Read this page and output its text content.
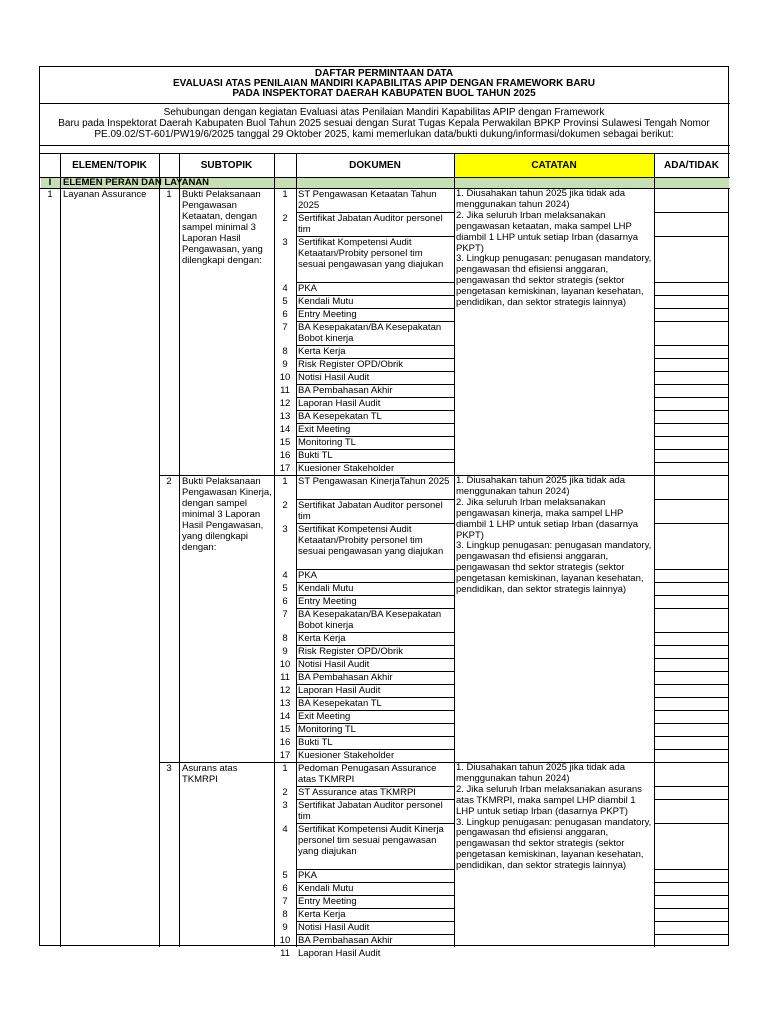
DAFTAR PERMINTAAN DATA
EVALUASI ATAS PENILAIAN MANDIRI KAPABILITAS APIP DENGAN FRAMEWORK BARU
PADA INSPEKTORAT DAERAH KABUPATEN BUOL TAHUN 2025
Sehubungan dengan kegiatan Evaluasi atas Penilaian Mandiri Kapabilitas APIP dengan Framework
Baru pada Inspektorat Daerah Kabupaten Buol Tahun 2025 sesuai dengan Surat Tugas Kepala Perwakilan BPKP Provinsi Sulawesi Tengah Nomor
PE.09.02/ST-601/PW19/6/2025 tanggal 29 Oktober 2025, kami memerlukan data/bukti dukung/informasi/dokumen sebagai berikut:
ELEMEN/TOPIK	SUBTOPIK	DOKUMEN	CATATAN	ADA/TIDAK
I	ELEMEN PERAN DAN LAYANAN
1	Layanan Assurance	1	Bukti Pelaksanaan Pengawasan Ketaatan, dengan sampel minimal 3 Laporan Hasil Pengawasan, yang dilengkapi dengan:
1. Diusahakan tahun 2025 jika tidak ada menggunakan tahun 2024)
2. Jika seluruh Irban melaksanakan pengawasan ketaatan, maka sampel LHP diambil 1 LHP untuk setiap Irban (dasarnya PKPT)
3. Lingkup penugasan: penugasan mandatory, pengawasan thd efisiensi anggaran, pengawasan thd sektor strategis (sektor pengetasan kemiskinan, layanan kesehatan, pendidikan, dan sektor strategis lainnya)
1	ST Pengawasan Ketaatan Tahun 2025
2	Sertifikat Jabatan Auditor personel tim
3	Sertifikat Kompetensi Audit Ketaatan/Probity personel tim sesuai pengawasan yang diajukan
4	PKA
5	Kendali Mutu
6	Entry Meeting
7	BA Kesepakatan/BA Kesepakatan Bobot kinerja
8	Kerta Kerja
9	Risk Register OPD/Obrik
10 Notisi Hasil Audit
11 BA Pembahasan Akhir
12 Laporan Hasil Audit
13 BA Kesepekatan TL
14 Exit Meeting
15 Monitoring TL
16 Bukti TL
17 Kuesioner Stakeholder
2	Bukti Pelaksanaan Pengawasan Kinerja, dengan sampel minimal 3 Laporan Hasil Pengawasan, yang dilengkapi dengan:
1. Diusahakan tahun 2025 jika tidak ada menggunakan tahun 2024)
2. Jika seluruh Irban melaksanakan pengawasan kinerja, maka sampel LHP diambil 1 LHP untuk setiap Irban (dasarnya PKPT)
3. Lingkup penugasan: penugasan mandatory, pengawasan thd efisiensi anggaran, pengawasan thd sektor strategis (sektor pengetasan kemiskinan, layanan kesehatan, pendidikan, dan sektor strategis lainnya)
1	ST Pengawasan KinerjaTahun 2025
2	Sertifikat Jabatan Auditor personel tim
3	Sertifikat Kompetensi Audit Ketaatan/Probity personel tim sesuai pengawasan yang diajukan
4	PKA
5	Kendali Mutu
6	Entry Meeting
7	BA Kesepakatan/BA Kesepakatan Bobot kinerja
8	Kerta Kerja
9	Risk Register OPD/Obrik
10 Notisi Hasil Audit
11 BA Pembahasan Akhir
12 Laporan Hasil Audit
13 BA Kesepekatan TL
14 Exit Meeting
15 Monitoring TL
16 Bukti TL
17 Kuesioner Stakeholder
3	Asurans atas TKMRPI
1. Diusahakan tahun 2025 jika tidak ada menggunakan tahun 2024)
2. Jika seluruh Irban melaksanakan asurans atas TKMRPI, maka sampel LHP diambil 1 LHP untuk setiap Irban (dasarnya PKPT)
3. Lingkup penugasan: penugasan mandatory, pengawasan thd efisiensi anggaran, pengawasan thd sektor strategis (sektor pengetasan kemiskinan, layanan kesehatan, pendidikan, dan sektor strategis lainnya)
1	Pedoman Penugasan Assurance atas TKMRPI
2	ST Assurance atas TKMRPI
3	Sertifikat Jabatan Auditor personel tim
4	Sertifikat Kompetensi Audit Kinerja personel tim sesuai pengawasan yang diajukan
5	PKA
6	Kendali Mutu
7	Entry Meeting
8	Kerta Kerja
9	Notisi Hasil Audit
10 BA Pembahasan Akhir
11 Laporan Hasil Audit
